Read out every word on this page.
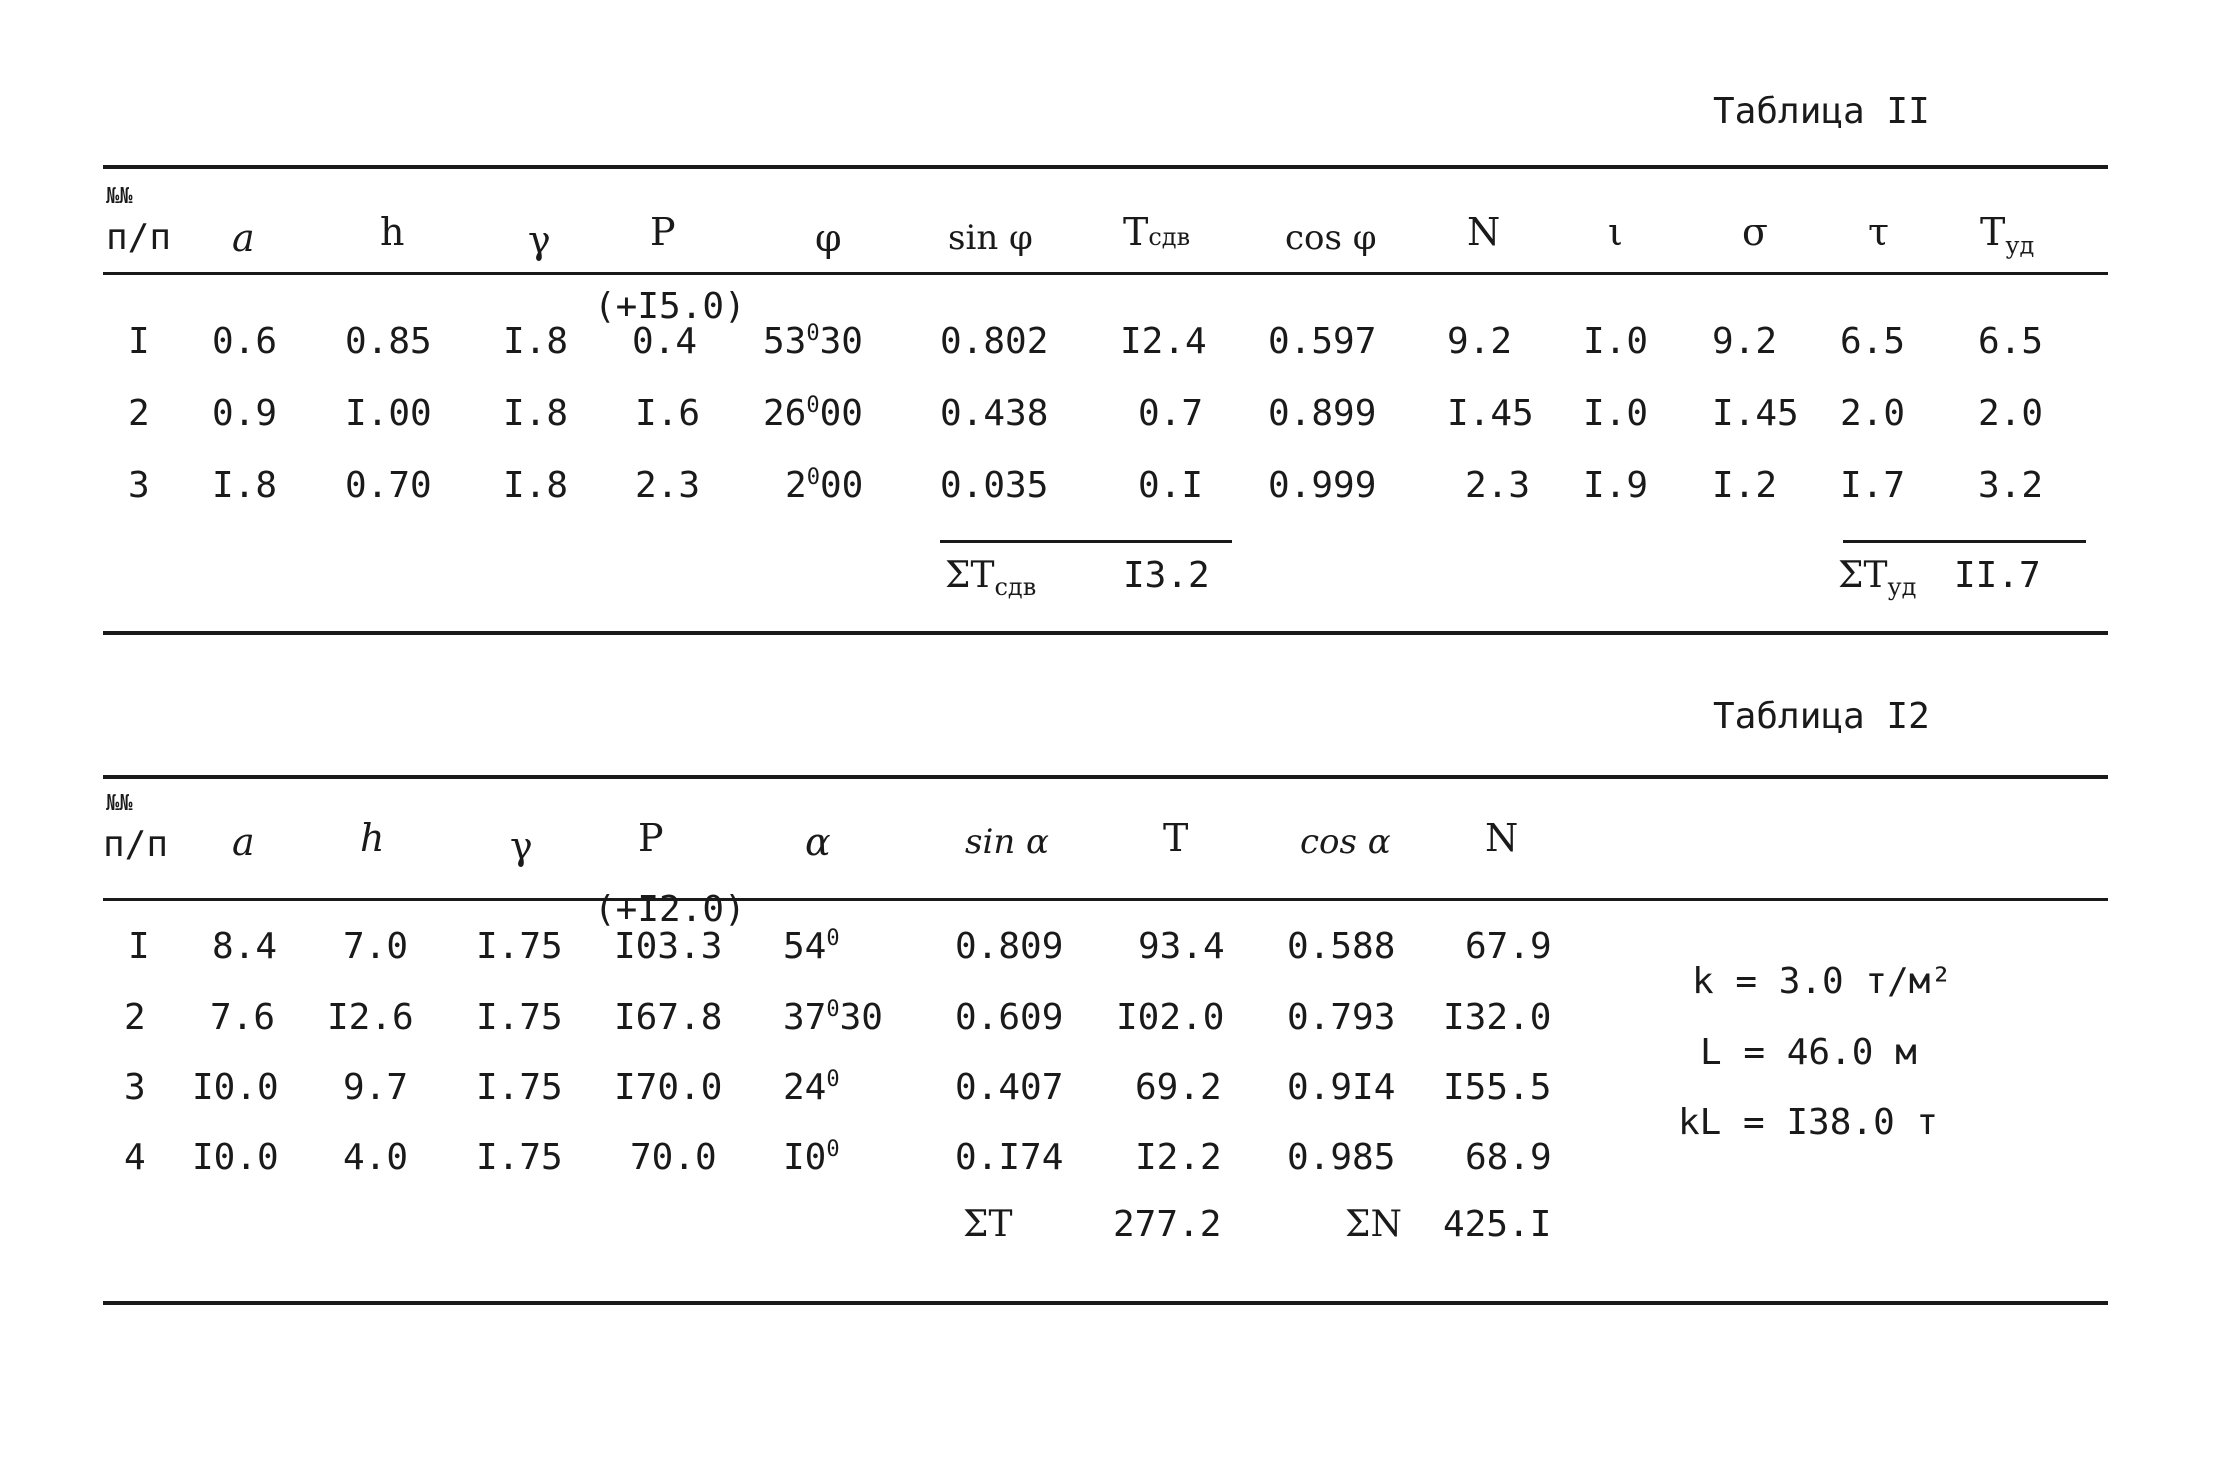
Таблица II
№№
п/п a	h	γ	P	φ	sin φ Tсдв	cos φ N	ι	σ	τ $T_{уд}$
(+I5.0)
I 0.6 0.85 I.8 0.4 $53^030$ 0.802 I2.4 0.597 9.2 I.0 9.2 6.5 6.5
2 0.9 I.00 I.8 I.6 $26^000$ 0.438 0.7 0.899 I.45 I.0 I.45 2.0 2.0
3 I.8 0.70 I.8 2.3 $2^000$ 0.035 0.I 0.999 2.3 I.9 I.2 I.7 3.2
$\Sigma T_{сдв}$ I3.2	$\Sigma T_{уд}$ II.7
Таблица I2
№№
п/п a	h	γ	P	α	sin α	T	cos α N
(+I2.0)
I 8.4 7.0 I.75 I03.3 $54^0$	0.809 93.4 0.588 67.9
2 7.6 I2.6 I.75 I67.8 $37^030$ 0.609 I02.0 0.793 I32.0
3 I0.0 9.7 I.75 I70.0 $24^0$	0.407 69.2 0.9I4 I55.5
4 I0.0 4.0 I.75 70.0 $I0^0$	0.I74 I2.2 0.985 68.9
ΣT	277.2	ΣN 425.I
k = 3.0 т/м²
L = 46.0 м
kL = I38.0 т
